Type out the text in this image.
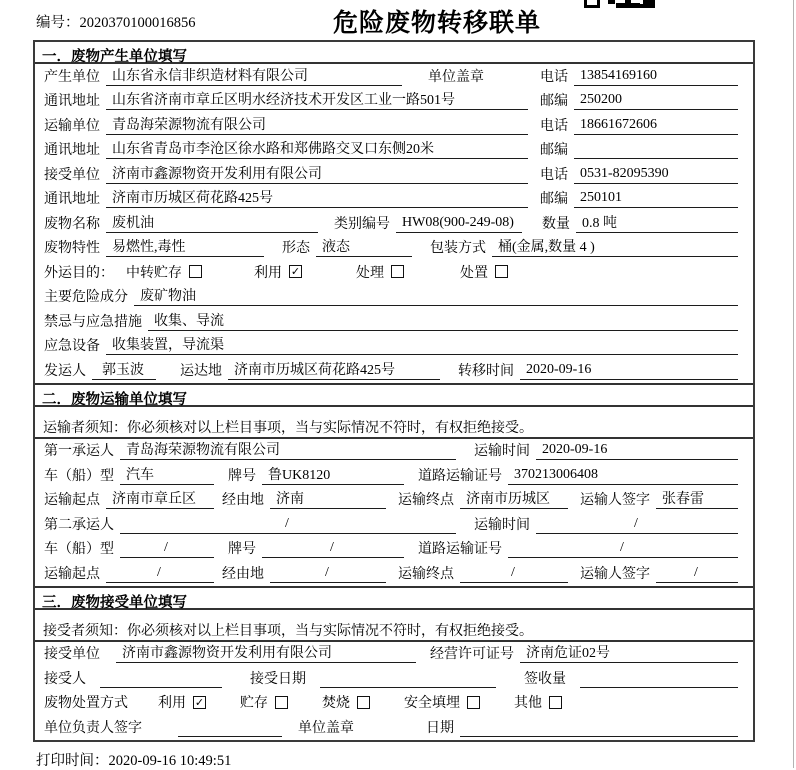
编号：2020370100016856	危险废物转移联单
一．废物产生单位填写
产生单位 山东省永信非织造材料有限公司	单位盖章	电话 13854169160
通讯地址 山东省济南市章丘区明水经济技术开发区工业一路501号	邮编 250200
运输单位 青岛海荣源物流有限公司	电话 18661672606
通讯地址 山东省青岛市李沧区徐水路和郑佛路交叉口东侧20米	邮编
接受单位 济南市鑫源物资开发利用有限公司	电话 0531-82095390
通讯地址 济南市历城区荷花路425号	邮编 250101
废物名称 废机油	类别编号 HW08(900-249-08)	数量 0.8 吨
废物特性 易燃性,毒性	形态 液态	包装方式 桶(金属,数量 4 )
外运目的： 中转贮存	利用 ✓	处理	处置
主要危险成分 废矿物油
禁忌与应急措施 收集、导流
应急设备 收集装置，导流渠
发运人	郭玉波	运达地 济南市历城区荷花路425号	转移时间 2020-09-16
二．废物运输单位填写
运输者须知：你必须核对以上栏目事项，当与实际情况不符时，有权拒绝接受。
第一承运人 青岛海荣源物流有限公司	运输时间 2020-09-16
车（船）型 汽车	牌号 鲁UK8120	道路运输证号 370213006408
运输起点 济南市章丘区	经由地 济南	运输终点 济南市历城区	运输人签字 张春雷
第二承运人	/	运输时间	/
车（船）型	/	牌号	/	道路运输证号	/
运输起点	/	经由地	/	运输终点	/	运输人签字	/
三．废物接受单位填写
接受者须知：你必须核对以上栏目事项，当与实际情况不符时，有权拒绝接受。
接受单位	济南市鑫源物资开发利用有限公司	经营许可证号 济南危证02号
接受人	接受日期	签收量
废物处置方式 利用 ✓	贮存	焚烧	安全填埋	其他
单位负责人签字	单位盖章	日期
打印时间：2020-09-16 10:49:51
